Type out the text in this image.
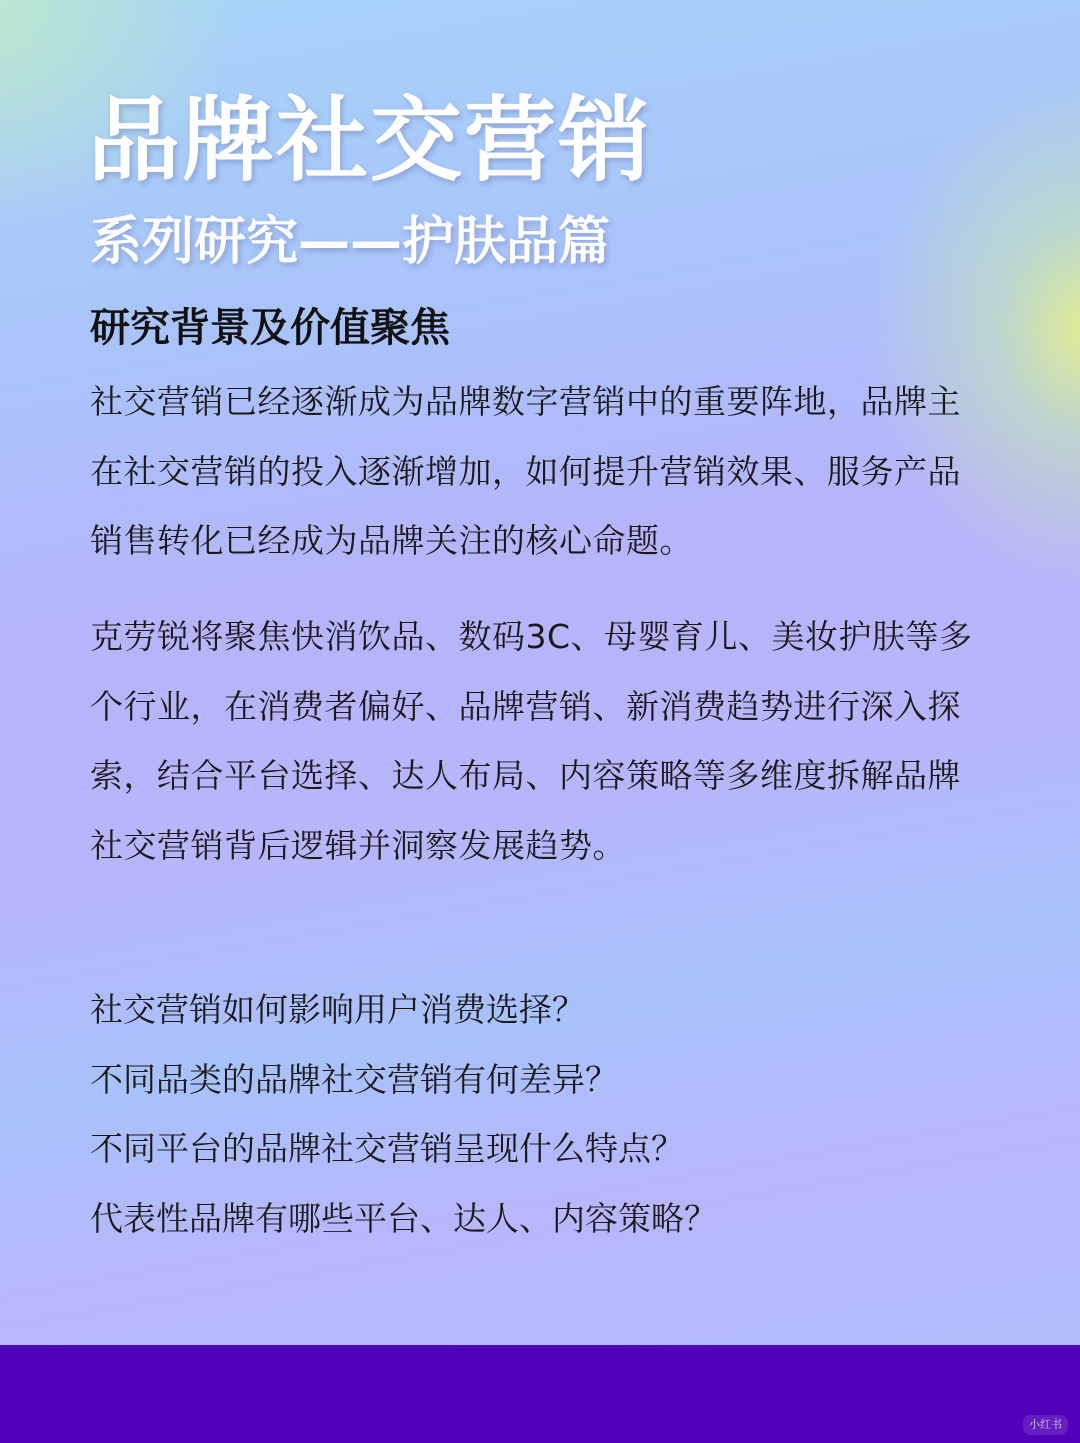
品牌社交营销
系列研究——护肤品篇
研究背景及价值聚焦

社交营销已经逐渐成为品牌数字营销中的重要阵地，品牌主在社交营销的投入逐渐增加，如何提升营销效果、服务产品销售转化已经成为品牌关注的核心命题。

克劳锐将聚焦快消饮品、数码3C、母婴育儿、美妆护肤等多个行业，在消费者偏好、品牌营销、新消费趋势进行深入探索，结合平台选择、达人布局、内容策略等多维度拆解品牌社交营销背后逻辑并洞察发展趋势。

社交营销如何影响用户消费选择？
不同品类的品牌社交营销有何差异？
不同平台的品牌社交营销呈现什么特点？
代表性品牌有哪些平台、达人、内容策略？
小红书
